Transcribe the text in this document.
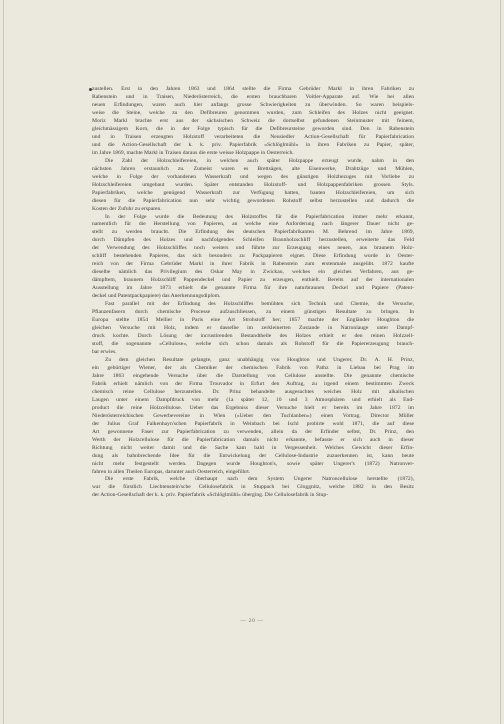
zustellen. Erst in den Jahren 1863 und 1864 stellte die Firma Gebrüder Markl in ihren Fabriken zu
Rabenstein und in Traisen, Niederösterreich, die ersten brauchbaren Voitler-Apparate auf. Wie bei allen
neuen Erfindungen, waren auch hier anfangs grosse Schwierigkeiten zu überwinden. So waren beispiels-
weise die Steine, welche zu den Defibreuren genommen wurden, zum Schleifen des Holzes nicht geeignet.
Moriz Markl brachte erst aus der sächsischen Schweiz die dortselbst gefundenen Steinmuster mit feinem,
gleichmässigem Korn, die in der Folge typisch für die Defibreursteine geworden sind. Den in Rabenstein
und in Traisen erzeugten Holzstoff verarbeiteten die Neusiedler Action-Gesellschaft für Papierfabrication
und die Action-Gesellschaft der k. k. priv. Papierfabrik »Schlöglmühl« in ihren Fabriken zu Papier, später,
im Jahre 1869, machte Markl in Traisen daraus die erste weisse Holzpappe in Oesterreich.
Die Zahl der Holzschleifereien, in welchen auch später Holzpappe erzeugt wurde, nahm in den
nächsten Jahren erstaunlich zu. Zumeist waren es Brettsägen, alte Eisenwerke, Drahtzüge und Mühlen,
welche in Folge der vorhandenen Wasserkraft und wegen des günstigen Holzbezuges mit Vorliebe zu
Holzschleifereien umgebaut wurden. Später entstanden Holzstoff- und Holzpappenfabriken grossen Styls.
Papierfabriken, welche genügend Wasserkraft zur Verfügung hatten, bauten Holzschleifereien, um sich
diesen für die Papierfabrication nun sehr wichtig gewordenen Rohstoff selbst herzustellen und dadurch die
Kosten der Zufuhr zu ersparen.
In der Folge wurde die Bedeutung des Holzstoffes für die Papierfabrication immer mehr erkannt,
namentlich für die Herstellung von Papieren, an welche eine Anforderung nach längerer Dauer nicht ge-
stellt zu werden braucht. Die Erfindung des deutschen Papierfabrikanten M. Behrend im Jahre 1869,
durch Dämpfen des Holzes und nachfolgendes Schleifen Braunholzschliff herzustellen, erweiterte das Feld
der Verwendung des Holzschliffes noch weiters und führte zur Erzeugung eines neuen, aus braunem Holz-
schliff bestehenden Papieres, das sich besonders zu Packpapieren eignet. Diese Erfindung wurde in Oester-
reich von der Firma Gebrüder Markl in ihrer Fabrik in Rabenstein zum erstenmale ausgeübt. 1872 kaufte
dieselbe nämlich das Privilegium des Oskar May in Zwickau, welches ein gleiches Verfahren, aus ge-
dämpftem, braunem Holzschliff Pappendeckel und Papier zu erzeugen, enthielt. Bereits auf der internationalen
Ausstellung im Jahre 1873 erhielt die genannte Firma für ihre naturbraunen Deckel und Papiere (Patent-
deckel und Patentpackpapiere) das Anerkennungsdiplom.
Fast parallel mit der Erfindung des Holzschliffes bemühten sich Technik und Chemie, die Versuche,
Pflanzenfasern durch chemische Processe aufzuschliessen, zu einem günstigen Resultate zu bringen. In
Europa stellte 1854 Mellier in Paris eine Art Strohstoff her; 1857 machte der Engländer Houghton die
gleichen Versuche mit Holz, indem er dasselbe im zerkleinerten Zustande in Natronlauge unter Dampf-
druck kochte. Durch Lösung der incrustirenden Bestandtheile des Holzes erhielt er den reinen Holzzell-
stoff, die sogenannte »Cellulose«, welche sich schon damals als Rohstoff für die Papiererzeugung brauch-
bar erwies.
Zu dem gleichen Resultate gelangte, ganz unabhängig von Houghton und Ungerer, Dr. A. H. Prinz,
ein gebürtiger Wiener, der als Chemiker der chemischen Fabrik von Pathz in Liebau bei Prag im
Jahre 1863 eingehende Versuche über die Darstellung von Cellulose anstellte. Die genannte chemische
Fabrik erhielt nämlich von der Firma Trouvador in Erfurt den Auftrag, zu irgend einem bestimmten Zweck
chemisch reine Cellulose herzustellen. Dr. Prinz behandelte ausgesuchtes weiches Holz mit alkalischen
Laugen unter einem Dampfdruck von mehr (1a später 12, 10 und 3 Atmosphären und erhielt als End-
product die reine Holzcellulose. Ueber das Ergebniss dieser Versuche hielt er bereits im Jahre 1872 im
Niederösterreichischen Gewerbevereine in Wien (»Ueber den Tuchlanben«) einen Vortrag. Director Müller
der Julius Graf Falkenhayn'schen Papierfabrik in Weinbach bei Ischl probirte wohl 1871, die auf diese
Art gewonnene Faser zur Papierfabrication zu verwenden, allein da der Erfinder selbst, Dr. Prinz, den
Werth der Holzcellulose für die Papierfabrication damals nicht erkannte, befasste er sich auch in dieser
Richtung nicht weiter damit und die Sache kam bald in Vergessenheit. Welches Gewicht dieser Erfin-
dung als bahnbrechende Idee für die Entwickelung der Cellulose-Industrie zuzuerkennen ist, kann heute
nicht mehr festgestellt werden. Dagegen wurde Houghton's, sowie später Ungerer's (1872) Natronver-
fahren in allen Theilen Europas, darunter auch Oesterreich, eingeführt.
Die erste Fabrik, welche überhaupt nach dem System Ungerer Natroncellulose herstellte (1872),
war die fürstlich Liechtenstein'sche Cellulosefabrik in Stuppach bei Gloggnitz, welche 1882 in den Besitz
der Action-Gesellschaft der k. k. priv. Papierfabrik »Schlöglmühl« überging. Die Cellulosefabrik in Stup-
— 20 —
